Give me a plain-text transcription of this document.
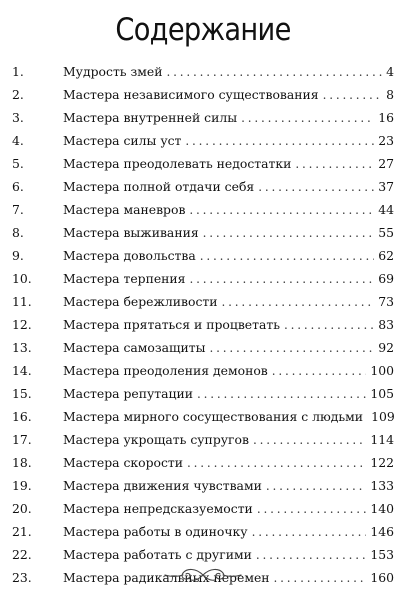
Содержание
1.	Мудрость змей . . .	4
2.	Мастера независимого существования . . .	8
3.	Мастера внутренней силы . . .	16
4.	Мастера силы уст . . .	23
5.	Мастера преодолевать недостатки . . .	27
6.	Мастера полной отдачи себя . . .	37
7.	Мастера маневров . . .	44
8.	Мастера выживания . . .	55
9.	Мастера довольства . . .	62
10.	Мастера терпения . . .	69
11.	Мастера бережливости . . .	73
12.	Мастера прятаться и процветать . . .	83
13.	Мастера самозащиты . . .	92
14.	Мастера преодоления демонов . . .	100
15.	Мастера репутации . . .	105
16.	Мастера мирного сосуществования с людьми 109
17.	Мастера укрощать супругов . . .	114
18.	Мастера скорости . . .	122
19.	Мастера движения чувствами . . .	133
20.	Мастера непредсказуемости . . .	140
21.	Мастера работы в одиночку . . .	146
22.	Мастера работать с другими . . .	153
23.	Мастера радикальных перемен . . .	160
